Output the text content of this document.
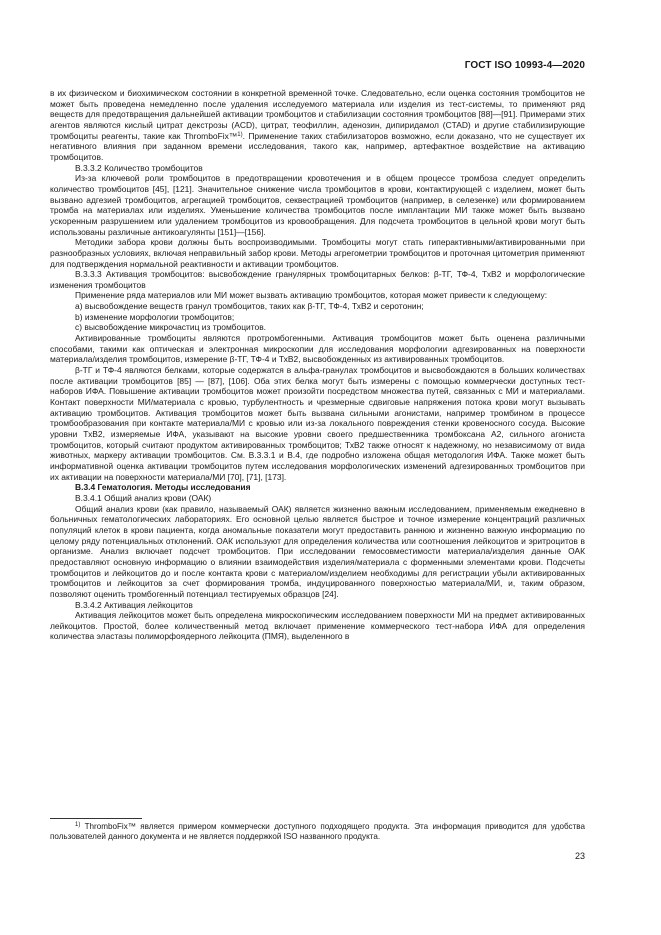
ГОСТ ISO 10993-4—2020

в их физическом и биохимическом состоянии в конкретной временной точке. Следовательно, если оценка состояния тромбоцитов не может быть проведена немедленно после удаления исследуемого материала или изделия из тест-системы, то применяют ряд веществ для предотвращения дальнейшей активации тромбоцитов и стабилизации состояния тромбоцитов [88]—[91]. Примерами этих агентов являются кислый цитрат декстрозы (ACD), цитрат, теофиллин, аденозин, дипиридамол (CTAD) и другие стабилизирующие тромбоциты реагенты, такие как ThromboFix™$^{1)}$. Применение таких стабилизаторов возможно, если доказано, что не существует их негативного влияния при заданном времени исследования, такого как, например, артефактное воздействие на активацию тромбоцитов.

В.3.3.2 Количество тромбоцитов

Из-за ключевой роли тромбоцитов в предотвращении кровотечения и в общем процессе тромбоза следует определить количество тромбоцитов [45], [121]. Значительное снижение числа тромбоцитов в крови, контактирующей с изделием, может быть вызвано адгезией тромбоцитов, агрегацией тромбоцитов, секвестрацией тромбоцитов (например, в селезенке) или формированием тромба на материалах или изделиях. Уменьшение количества тромбоцитов после имплантации МИ также может быть вызвано ускоренным разрушением или удалением тромбоцитов из кровообращения. Для подсчета тромбоцитов в цельной крови могут быть использованы различные антикоагулянты [151]—[156].

Методики забора крови должны быть воспроизводимыми. Тромбоциты могут стать гиперактивными/активированными при разнообразных условиях, включая неправильный забор крови. Методы агрегометрии тромбоцитов и проточная цитометрия применяют для подтверждения нормальной реактивности и активации тромбоцитов.

В.3.3.3 Активация тромбоцитов: высвобождение гранулярных тромбоцитарных белков: β-ТГ, ТФ-4, ТхВ2 и морфологические изменения тромбоцитов

Применение ряда материалов или МИ может вызвать активацию тромбоцитов, которая может привести к следующему:

a) высвобождение веществ гранул тромбоцитов, таких как β-ТГ, ТФ-4, ТхВ2 и серотонин;

b) изменение морфологии тромбоцитов;

c) высвобождение микрочастиц из тромбоцитов.

Активированные тромбоциты являются протромбогенными. Активация тромбоцитов может быть оценена различными способами, такими как оптическая и электронная микроскопии для исследования морфологии адгезированных на поверхности материала/изделия тромбоцитов, измерение β-ТГ, ТФ-4 и ТхВ2, высвобожденных из активированных тромбоцитов.

β-ТГ и ТФ-4 являются белками, которые содержатся в альфа-гранулах тромбоцитов и высвобождаются в больших количествах после активации тромбоцитов [85] — [87], [106]. Оба этих белка могут быть измерены с помощью коммерчески доступных тест-наборов ИФА. Повышение активации тромбоцитов может произойти посредством множества путей, связанных с МИ и материалами. Контакт поверхности МИ/материала с кровью, турбулентность и чрезмерные сдвиговые напряжения потока крови могут вызывать активацию тромбоцитов. Активация тромбоцитов может быть вызвана сильными агонистами, например тромбином в процессе тромбообразования при контакте материала/МИ с кровью или из-за локального повреждения стенки кровеносного сосуда. Высокие уровни ТхВ2, измеряемые ИФА, указывают на высокие уровни своего предшественника тромбоксана А2, сильного агониста тромбоцитов, который считают продуктом активированных тромбоцитов; ТхВ2 также относят к надежному, но независимому от вида животных, маркеру активации тромбоцитов. См. В.3.3.1 и В.4, где подробно изложена общая методология ИФА. Также может быть информативной оценка активации тромбоцитов путем исследования морфологических изменений адгезированных тромбоцитов при их активации на поверхности материала/МИ [70], [71], [173].

В.3.4 Гематология. Методы исследования

В.3.4.1 Общий анализ крови (ОАК)

Общий анализ крови (как правило, называемый ОАК) является жизненно важным исследованием, применяемым ежедневно в больничных гематологических лабораториях. Его основной целью является быстрое и точное измерение концентраций различных популяций клеток в крови пациента, когда аномальные показатели могут предоставить раннюю и жизненно важную информацию по целому ряду потенциальных отклонений. ОАК используют для определения количества или соотношения лейкоцитов и эритроцитов в организме. Анализ включает подсчет тромбоцитов. При исследовании гемосовместимости материала/изделия данные ОАК предоставляют основную информацию о влиянии взаимодействия изделия/материала с форменными элементами крови. Подсчеты тромбоцитов и лейкоцитов до и после контакта крови с материалом/изделием необходимы для регистрации убыли активированных тромбоцитов и лейкоцитов за счет формирования тромба, индуцированного поверхностью материала/МИ, и, таким образом, позволяют оценить тромбогенный потенциал тестируемых образцов [24].

В.3.4.2 Активация лейкоцитов

Активация лейкоцитов может быть определена микроскопическим исследованием поверхности МИ на предмет активированных лейкоцитов. Простой, более количественный метод включает применение коммерческого тест-набора ИФА для определения количества эластазы полиморфоядерного лейкоцита (ПМЯ), выделенного в

$^{1)}$ ThromboFix™ является примером коммерчески доступного подходящего продукта. Эта информация приводится для удобства пользователей данного документа и не является поддержкой ISO названного продукта.
23
